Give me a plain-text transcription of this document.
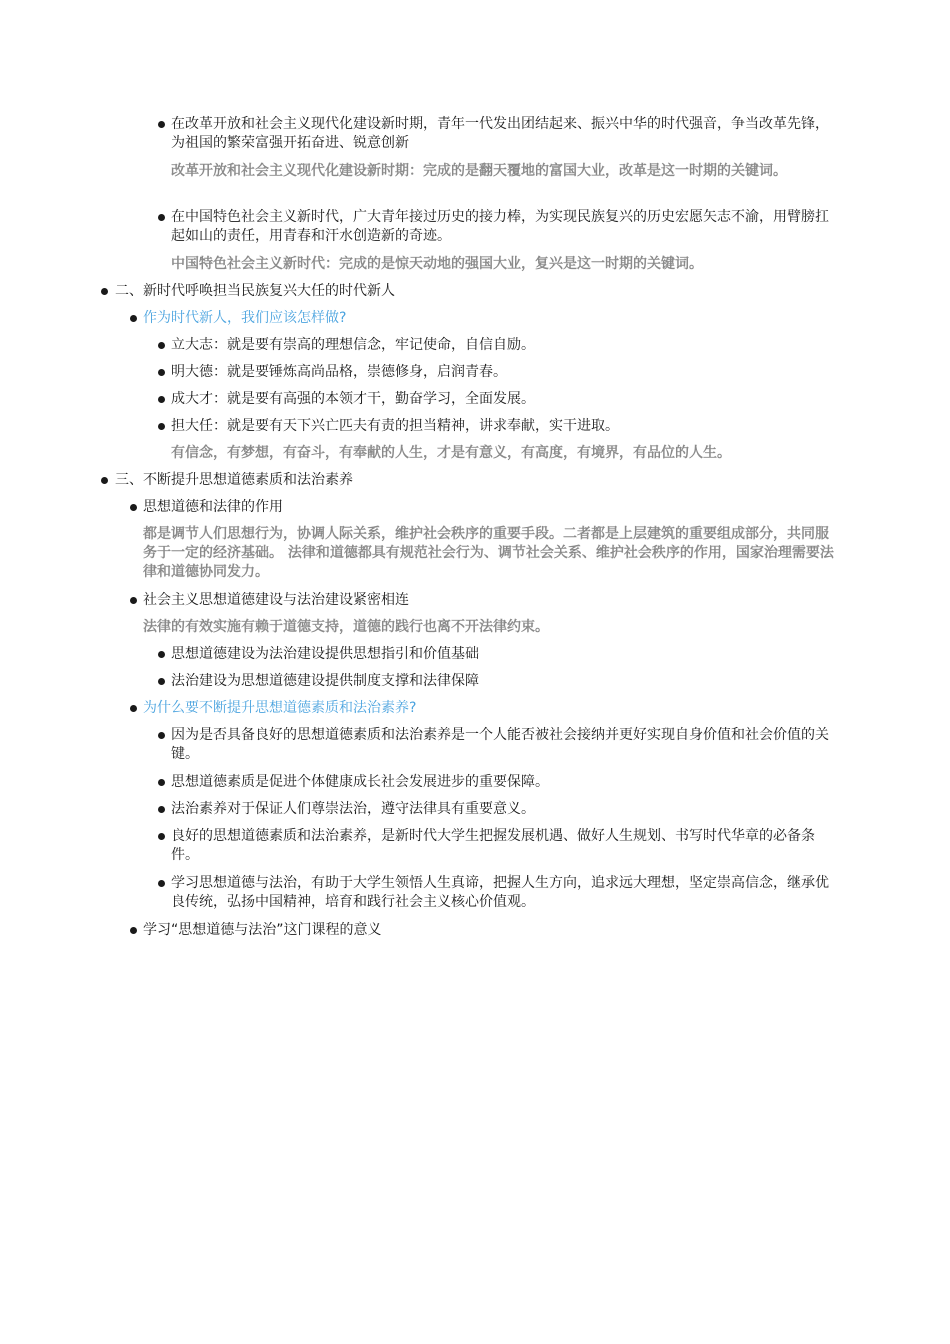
在改革开放和社会主义现代化建设新时期，青年一代发出团结起来、振兴中华的时代强音，争当改革先锋，为祖国的繁荣富强开拓奋进、锐意创新
改革开放和社会主义现代化建设新时期：完成的是翻天覆地的富国大业，改革是这一时期的关键词。
在中国特色社会主义新时代，广大青年接过历史的接力棒，为实现民族复兴的历史宏愿矢志不渝，用臂膀扛起如山的责任，用青春和汗水创造新的奇迹。
中国特色社会主义新时代：完成的是惊天动地的强国大业，复兴是这一时期的关键词。
二、新时代呼唤担当民族复兴大任的时代新人
作为时代新人，我们应该怎样做?
立大志：就是要有崇高的理想信念，牢记使命，自信自励。
明大德：就是要锤炼高尚品格，崇德修身，启润青春。
成大才：就是要有高强的本领才干，勤奋学习，全面发展。
担大任：就是要有天下兴亡匹夫有责的担当精神，讲求奉献，实干进取。
有信念，有梦想，有奋斗，有奉献的人生，才是有意义，有高度，有境界，有品位的人生。
三、不断提升思想道德素质和法治素养
思想道德和法律的作用
都是调节人们思想行为，协调人际关系，维护社会秩序的重要手段。二者都是上层建筑的重要组成部分，共同服务于一定的经济基础。 法律和道德都具有规范社会行为、调节社会关系、维护社会秩序的作用，国家治理需要法律和道德协同发力。
社会主义思想道德建设与法治建设紧密相连
法律的有效实施有赖于道德支持，道德的践行也离不开法律约束。
思想道德建设为法治建设提供思想指引和价值基础
法治建设为思想道德建设提供制度支撑和法律保障
为什么要不断提升思想道德素质和法治素养?
因为是否具备良好的思想道德素质和法治素养是一个人能否被社会接纳并更好实现自身价值和社会价值的关键。
思想道德素质是促进个体健康成长社会发展进步的重要保障。
法治素养对于保证人们尊崇法治，遵守法律具有重要意义。
良好的思想道德素质和法治素养，是新时代大学生把握发展机遇、做好人生规划、书写时代华章的必备条件。
学习思想道德与法治，有助于大学生领悟人生真谛，把握人生方向，追求远大理想，坚定崇高信念，继承优良传统，弘扬中国精神，培育和践行社会主义核心价值观。
学习“思想道德与法治”这门课程的意义
